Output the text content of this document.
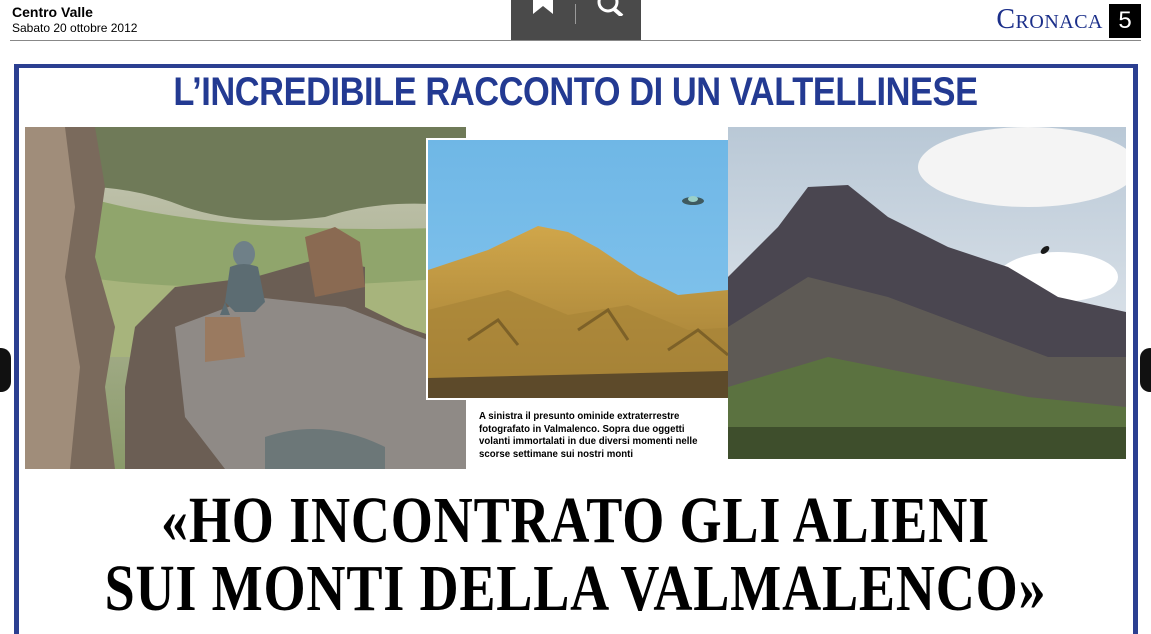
Centro Valle
Sabato 20 ottobre 2012	Cronaca 5
L’INCREDIBILE RACCONTO DI UN VALTELLINESE
A sinistra il presunto ominide extraterrestre fotografato in Valmalenco. Sopra due oggetti volanti immortalati in due diversi momenti nelle scorse settimane sui nostri monti
«HO INCONTRATO GLI ALIENI
SUI MONTI DELLA VALMALENCO»
